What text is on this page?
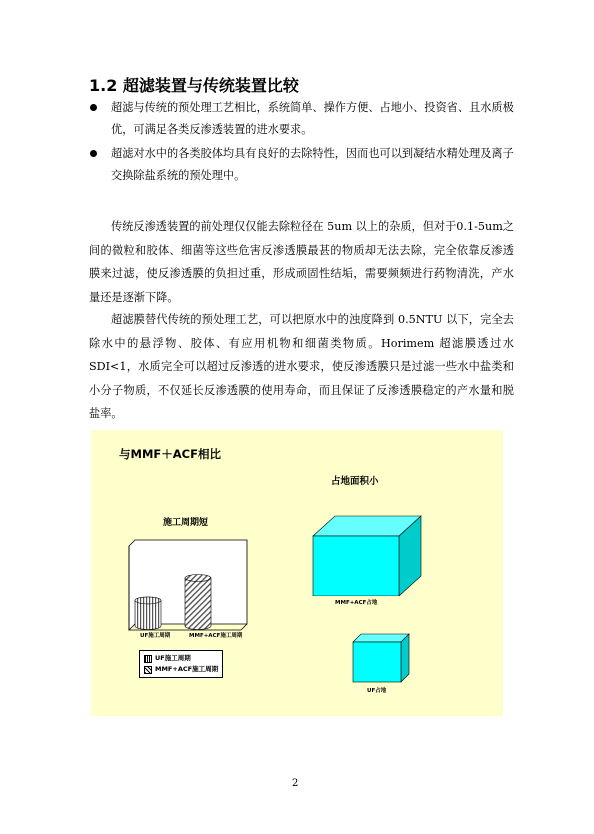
1.2 超滤装置与传统装置比较
超滤与传统的预处理工艺相比，系统简单、操作方便、占地小、投资省、且水质极优，可满足各类反渗透装置的进水要求。
超滤对水中的各类胶体均具有良好的去除特性，因而也可以到凝结水精处理及离子交换除盐系统的预处理中。
传统反渗透装置的前处理仅仅能去除粒径在 5um 以上的杂质，但对于0.1-5um之间的微粒和胶体、细菌等这些危害反渗透膜最甚的物质却无法去除，完全依靠反渗透膜来过滤，使反渗透膜的负担过重，形成顽固性结垢，需要频频进行药物清洗，产水量还是逐渐下降。
超滤膜替代传统的预处理工艺，可以把原水中的浊度降到 0.5NTU 以下，完全去除水中的悬浮物、胶体、有应用机物和细菌类物质。Horimem 超滤膜透过水 SDI<1，水质完全可以超过反渗透的进水要求，使反渗透膜只是过滤一些水中盐类和小分子物质，不仅延长反渗透膜的使用寿命，而且保证了反渗透膜稳定的产水量和脱盐率。
与MMF＋ACF相比
占地面积小
施工周期短
UF施工周期	MMF+ACF施工周期
UF施工周期
MMF+ACF施工周期
MMF+ACF占地
UF占地
2
